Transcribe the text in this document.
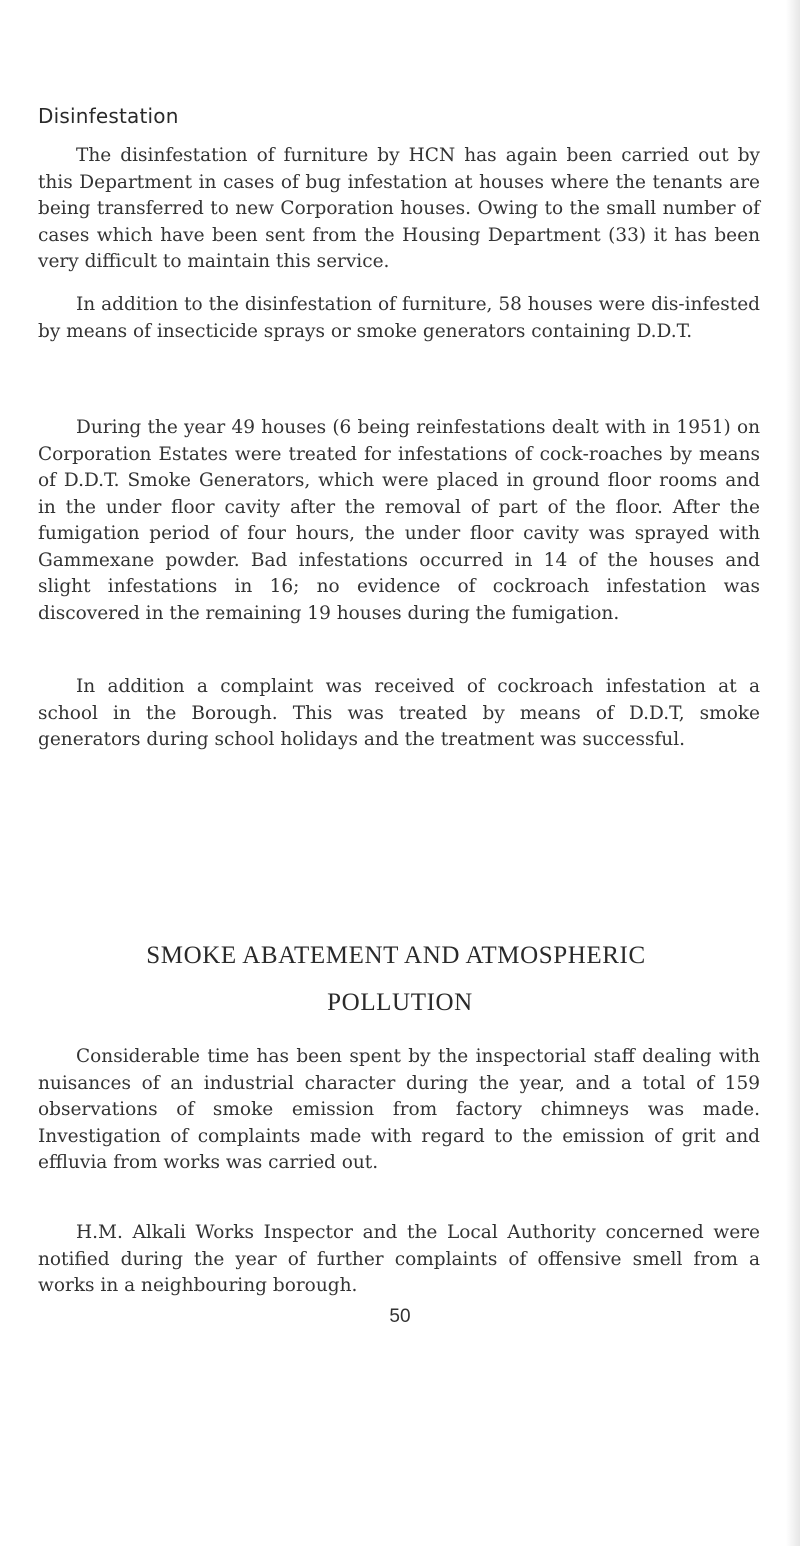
Disinfestation

The disinfestation of furniture by HCN has again been carried out by this Department in cases of bug infestation at houses where the tenants are being transferred to new Corporation houses. Owing to the small number of cases which have been sent from the Housing Department (33) it has been very difficult to maintain this service.

In addition to the disinfestation of furniture, 58 houses were dis‐infested by means of insecticide sprays or smoke generators containing D.D.T.

During the year 49 houses (6 being reinfestations dealt with in 1951) on Corporation Estates were treated for infestations of cock‐roaches by means of D.D.T. Smoke Generators, which were placed in ground floor rooms and in the under floor cavity after the removal of part of the floor. After the fumigation period of four hours, the under floor cavity was sprayed with Gammexane powder. Bad infestations occurred in 14 of the houses and slight infestations in 16; no evidence of cockroach infestation was discovered in the remaining 19 houses during the fumigation.

In addition a complaint was received of cockroach infestation at a school in the Borough. This was treated by means of D.D.T, smoke generators during school holidays and the treatment was successful.

SMOKE ABATEMENT AND ATMOSPHERIC
POLLUTION

Considerable time has been spent by the inspectorial staff dealing with nuisances of an industrial character during the year, and a total of 159 observations of smoke emission from factory chimneys was made. Investigation of complaints made with regard to the emission of grit and effluvia from works was carried out.

H.M. Alkali Works Inspector and the Local Authority concerned were notified during the year of further complaints of offensive smell from a works in a neighbouring borough.

50
